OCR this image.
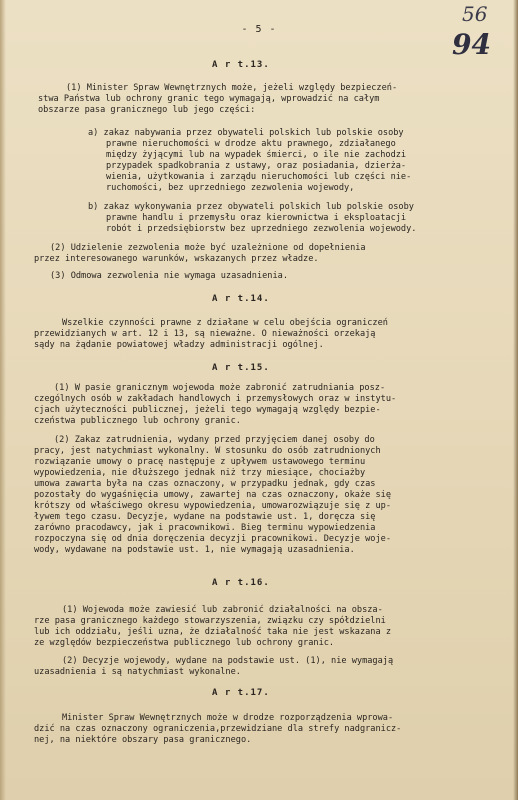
- 5 -
56
94
A r t.13.
(1) Minister Spraw Wewnętrznych może, jeżeli względy bezpieczeń-
stwa Państwa lub ochrony granic tego wymagają, wprowadzić na całym
obszarze pasa granicznego lub jego części:
a) zakaz nabywania przez obywateli polskich lub polskie osoby
prawne nieruchomości w drodze aktu prawnego, zdziałanego
między żyjącymi lub na wypadek śmierci, o ile nie zachodzi
przypadek spadkobrania z ustawy, oraz posiadania, dzierża-
wienia, użytkowania i zarządu nieruchomości lub części nie-
ruchomości, bez uprzedniego zezwolenia wojewody,
b) zakaz wykonywania przez obywateli polskich lub polskie osoby
prawne handlu i przemysłu oraz kierownictwa i eksploatacji
robót i przedsiębiorstw bez uprzedniego zezwolenia wojewody.
(2) Udzielenie zezwolenia może być uzależnione od dopełnienia
przez interesowanego warunków, wskazanych przez władze.
(3) Odmowa zezwolenia nie wymaga uzasadnienia.
A r t.14.
Wszelkie czynności prawne z działane w celu obejścia ograniczeń
przewidzianych w art. 12 i 13, są nieważne. O nieważności orzekają
sądy na żądanie powiatowej władzy administracji ogólnej.
A r t.15.
(1) W pasie granicznym wojewoda może zabronić zatrudniania posz-
czególnych osób w zakładach handlowych i przemysłowych oraz w instytu-
cjach użyteczności publicznej, jeżeli tego wymagają względy bezpie-
czeństwa publicznego lub ochrony granic.
(2) Zakaz zatrudnienia, wydany przed przyjęciem danej osoby do
pracy, jest natychmiast wykonalny. W stosunku do osób zatrudnionych
rozwiązanie umowy o pracę następuje z upływem ustawowego terminu
wypowiedzenia, nie dłuższego jednak niż trzy miesiące, chociażby
umowa zawarta była na czas oznaczony, w przypadku jednak, gdy czas
pozostały do wygaśnięcia umowy, zawartej na czas oznaczony, okaże się
krótszy od właściwego okresu wypowiedzenia, umowarozwiązuje się z up-
ływem tego czasu. Decyzje, wydane na podstawie ust. 1, doręcza się
zarówno pracodawcy, jak i pracownikowi. Bieg terminu wypowiedzenia
rozpoczyna się od dnia doręczenia decyzji pracownikowi. Decyzje woje-
wody, wydawane na podstawie ust. 1, nie wymagają uzasadnienia.
A r t.16.
(1) Wojewoda może zawiesić lub zabronić działalności na obsza-
rze pasa granicznego każdego stowarzyszenia, związku czy spółdzielni
lub ich oddziału, jeśli uzna, że działalność taka nie jest wskazana z
ze względów bezpieczeństwa publicznego lub ochrony granic.
(2) Decyzje wojewody, wydane na podstawie ust. (1), nie wymagają
uzasadnienia i są natychmiast wykonalne.
A r t.17.
Minister Spraw Wewnętrznych może w drodze rozporządzenia wprowa-
dzić na czas oznaczony ograniczenia,przewidziane dla strefy nadgranicz-
nej, na niektóre obszary pasa granicznego.
